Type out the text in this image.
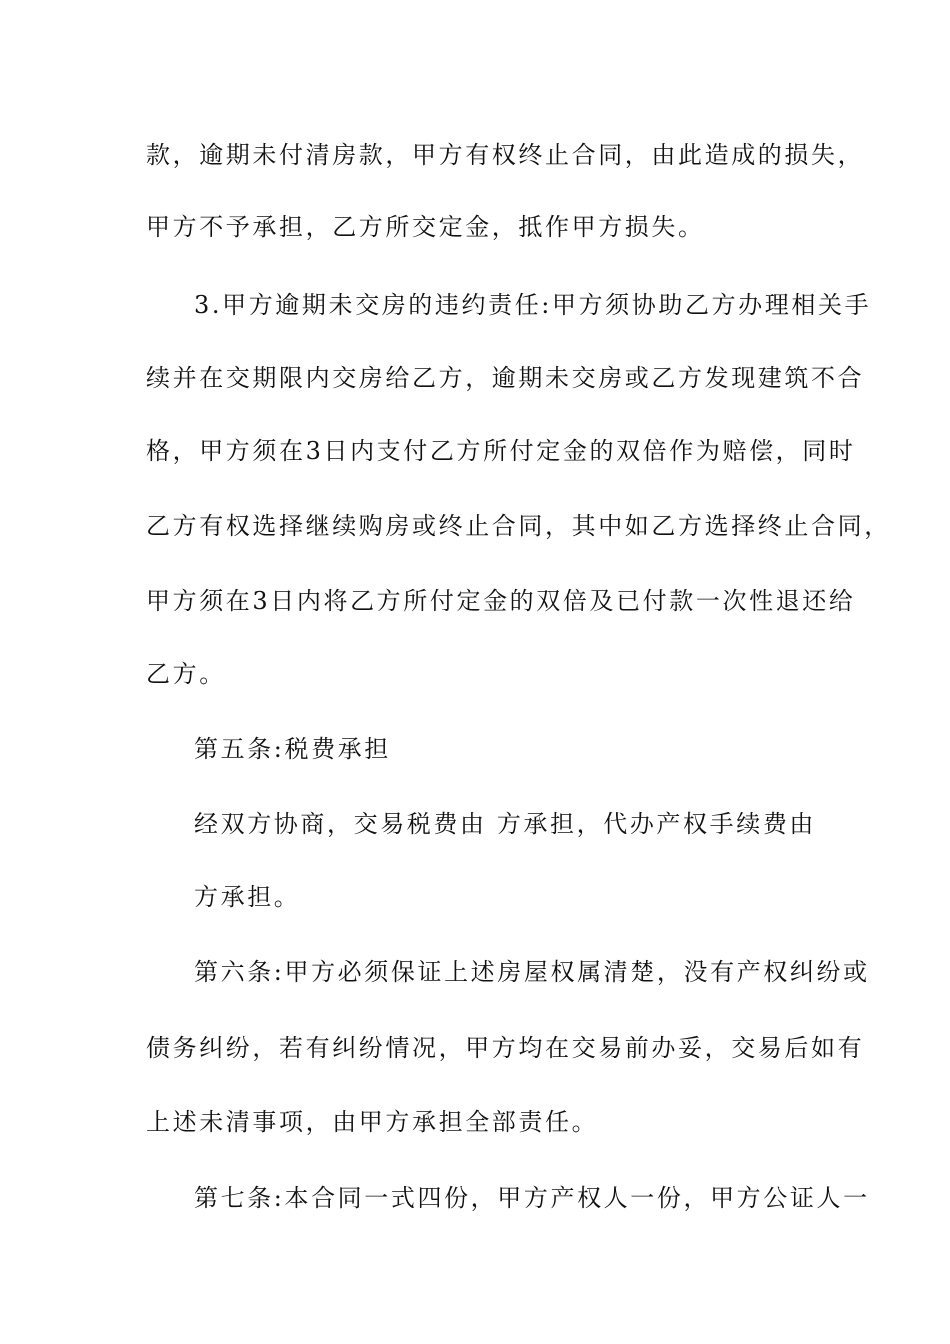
款，逾期未付清房款，甲方有权终止合同，由此造成的损失，
甲方不予承担，乙方所交定金，抵作甲方损失。
3.甲方逾期未交房的违约责任:甲方须协助乙方办理相关手
续并在交期限内交房给乙方，逾期未交房或乙方发现建筑不合
格，甲方须在3日内支付乙方所付定金的双倍作为赔偿，同时
乙方有权选择继续购房或终止合同，其中如乙方选择终止合同，
甲方须在3日内将乙方所付定金的双倍及已付款一次性退还给
乙方。
第五条:税费承担
经双方协商，交易税费由 方承担，代办产权手续费由
方承担。
第六条:甲方必须保证上述房屋权属清楚，没有产权纠纷或
债务纠纷，若有纠纷情况，甲方均在交易前办妥，交易后如有
上述未清事项，由甲方承担全部责任。
第七条:本合同一式四份，甲方产权人一份，甲方公证人一
